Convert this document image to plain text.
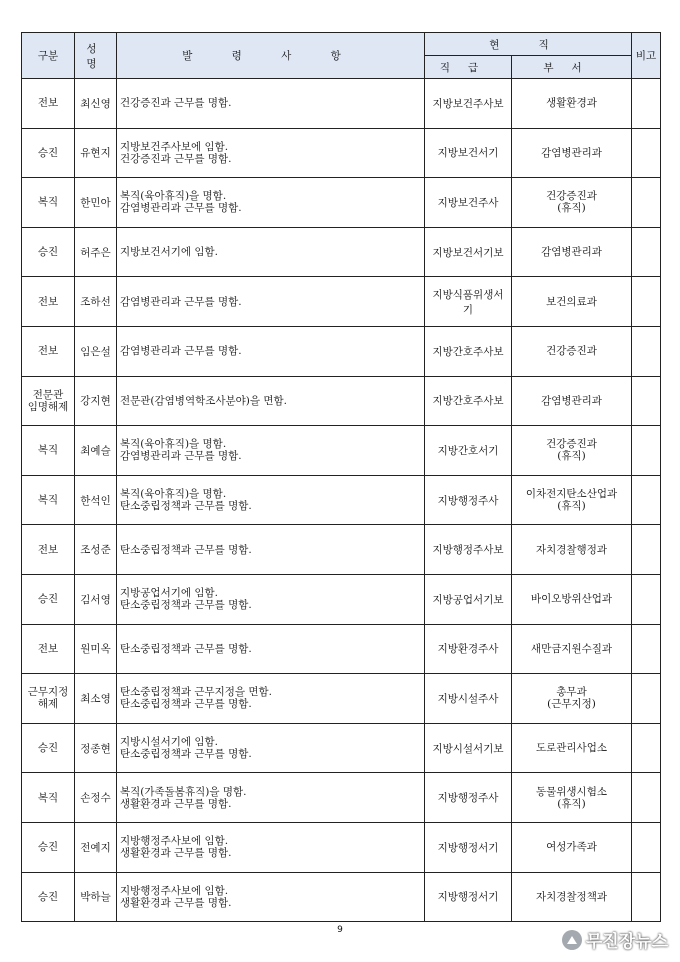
구분	성명	발 령 사 항	현 직		비고
			직급	부서	

전보	최신영	건강증진과 근무를 명함.	지방보건주사보	생활환경과	

승진	유현지	지방보건주사보에 임함.
건강증진과 근무를 명함.	지방보건서기	감염병관리과	

복직	한민아	복직(육아휴직)을 명함.
감염병관리과 근무를 명함.	지방보건주사	건강증진과
(휴직)	

승진	허주은	지방보건서기에 임함.	지방보건서기보	감염병관리과	

전보	조하선	감염병관리과 근무를 명함.	지방식품위생서기	보건의료과	

전보	임은설	감염병관리과 근무를 명함.	지방간호주사보	건강증진과	

전문관
임명해제	강지현	전문관(감염병역학조사분야)을 면함.	지방간호주사보	감염병관리과	

복직	최예슬	복직(육아휴직)을 명함.
감염병관리과 근무를 명함.	지방간호서기	건강증진과
(휴직)	

복직	한석인	복직(육아휴직)을 명함.
탄소중립정책과 근무를 명함.	지방행정주사	이차전지탄소산업과
(휴직)	

전보	조성준	탄소중립정책과 근무를 명함.	지방행정주사보	자치경찰행정과	

승진	김서영	지방공업서기에 임함.
탄소중립정책과 근무를 명함.	지방공업서기보	바이오방위산업과	

전보	원미옥	탄소중립정책과 근무를 명함.	지방환경주사	새만금지원수질과	

근무지정
해제	최소영	탄소중립정책과 근무지정을 면함.
탄소중립정책과 근무를 명함.	지방시설주사	총무과
(근무지정)	

승진	정종현	지방시설서기에 임함.
탄소중립정책과 근무를 명함.	지방시설서기보	도로관리사업소	

복직	손정수	복직(가족돌봄휴직)을 명함.
생활환경과 근무를 명함.	지방행정주사	동물위생시험소
(휴직)	

승진	전예지	지방행정주사보에 임함.
생활환경과 근무를 명함.	지방행정서기	여성가족과	

승진	박하늘	지방행정주사보에 임함.
생활환경과 근무를 명함.	지방행정서기	자치경찰정책과	

9
무진장뉴스
